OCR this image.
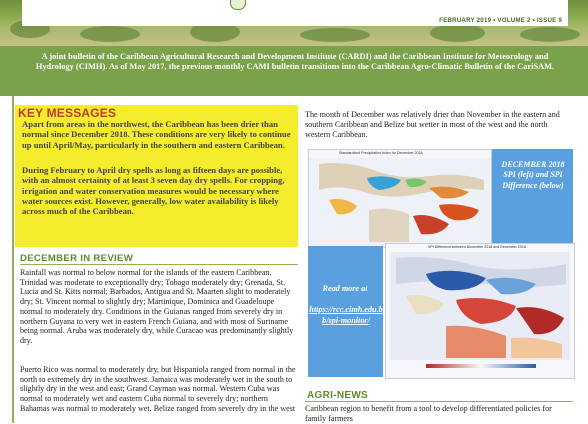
FEBRUARY 2019 • VOLUME 2 • ISSUE 9
A joint bulletin of the Caribbean Agricultural Research and Development Institute (CARDI) and the Caribbean Institute for Meteorology and Hydrology (CIMH). As of May 2017, the previous monthly CAMI bulletin transitions into the Caribbean Agro-Climatic Bulletin of the CariSAM.
KEY MESSAGES
Apart from areas in the northwest, the Caribbean has been drier than normal since December 2018. These conditions are very likely to continue up until April/May, particularly in the southern and eastern Caribbean.
During February to April dry spells as long as fifteen days are possible, with an almost certainty of at least 3 seven day dry spells. For cropping, irrigation and water conservation measures would be necessary where water sources exist. However, generally, low water availability is likely across much of the Caribbean.
DECEMBER IN REVIEW
Rainfall was normal to below normal for the islands of the eastern Caribbean. Trinidad was moderate to exceptionally dry; Tobago moderately dry; Grenada, St. Lucia and St. Kitts normal; Barbados, Antigua and St. Maarten slight to moderately dry; St. Vincent normal to slightly dry; Martinique, Dominica and Guadeloupe normal to moderately dry. Conditions in the Guianas ranged from severely dry in northern Guyana to very wet in eastern French Guiana, and with most of Suriname being normal. Aruba was moderately dry, while Curacao was predominantly slightly dry.
Puerto Rico was normal to moderately dry, but Hispaniola ranged from normal in the north to extremely dry in the southwest. Jamaica was moderately wet in the south to slightly dry in the west and east; Grand Cayman was normal. Western Cuba was normal to moderately wet and eastern Cuba normal to severely dry; northern Bahamas was normal to moderately wet. Belize ranged from severely dry in the west
The month of December was relatively drier than November in the eastern and southern Caribbean and Belize but wetter in most of the west and the north western Caribbean.
Standardized Precipitation Index for December 2018
DECEMBER 2018 SPI (left) and SPI Difference (below)
Read more at
https://rcc.cimh.edu.bb/spi-monitor/
SPI Difference between November 2018 and December 2018
AGRI-NEWS
Caribbean region to benefit from a tool to develop differentiated policies for family farmers
